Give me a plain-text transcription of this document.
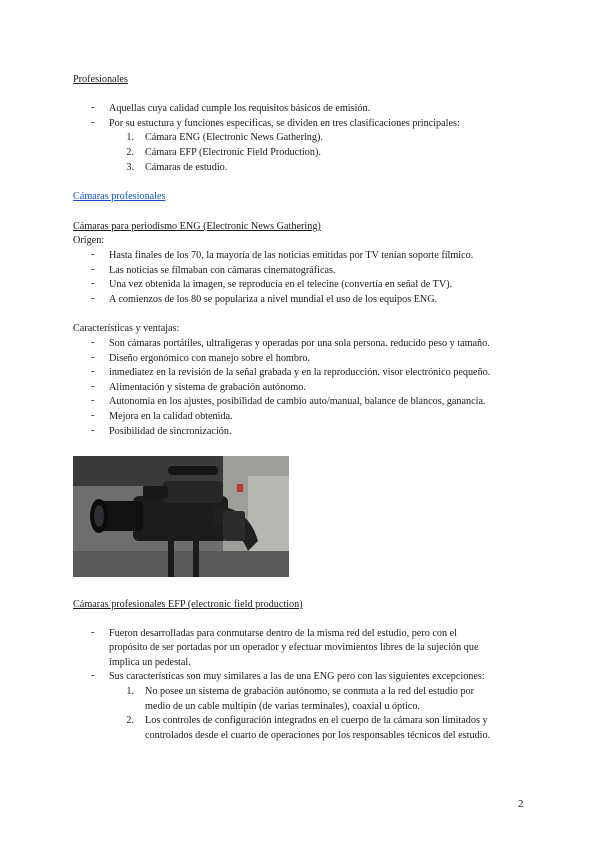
Profesionales
-	Aquellas cuya calidad cumple los requisitos básicos de emisión.
-	Por su estuctura y funciones específicas, se dividen en tres clasificaciones principales:
1. Cámara ENG (Electronic News Gathering).
2. Cámara EFP (Electronic Field Production).
3. Cámaras de estudio.
Cámaras profesionales
Cámaras para periodismo ENG (Electronic News Gathering)
Origen:
-	Hasta finales de los 70, la mayoría de las noticias emitidas por TV tenían soporte fílmico.
-	Las noticias se filmaban con cámaras cinematográficas.
-	Una vez obtenida la imagen, se reproducía en el telecine (convertía en señal de TV).
-	A comienzos de los 80 se populariza a nivel mundial el uso de los equipos ENG.
Características y ventajas:
-	Son cámaras portátiles, ultraligeras y operadas por una sola persona. reducido peso y tamaño.
-	Diseño ergonómico con manejo sobre el hombro.
-	inmediatez en la revisión de la señal grabada y en la reproducción. visor electrónico pequeño.
-	Alimentación y sistema de grabación autónomo.
-	Autonomía en los ajustes, posibilidad de cambio auto/manual, balance de blancos, ganancia.
-	Mejora en la calidad obtenida.
-	Posibilidad de sincronización.
Cámaras profesionales EFP (electronic field production)
-	Fueron desarrolladas para conmutarse dentro de la misma red del estudio, pero con el
propósito de ser portadas por un operador y efectuar movimientos libres de la sujeción que
implica un pedestal.
-	Sus características son muy similares a las de una ENG pero con las siguientes excepciones:
1. No posee un sistema de grabación autónomo, se conmuta a la red del estudio por
medio de un cable multipin (de varias terminales), coaxial u óptico.
2. Los controles de configuración integrados en el cuerpo de la cámara son limitados y
controlados desde el cuarto de operaciones por los responsables técnicos del estudio.
2
